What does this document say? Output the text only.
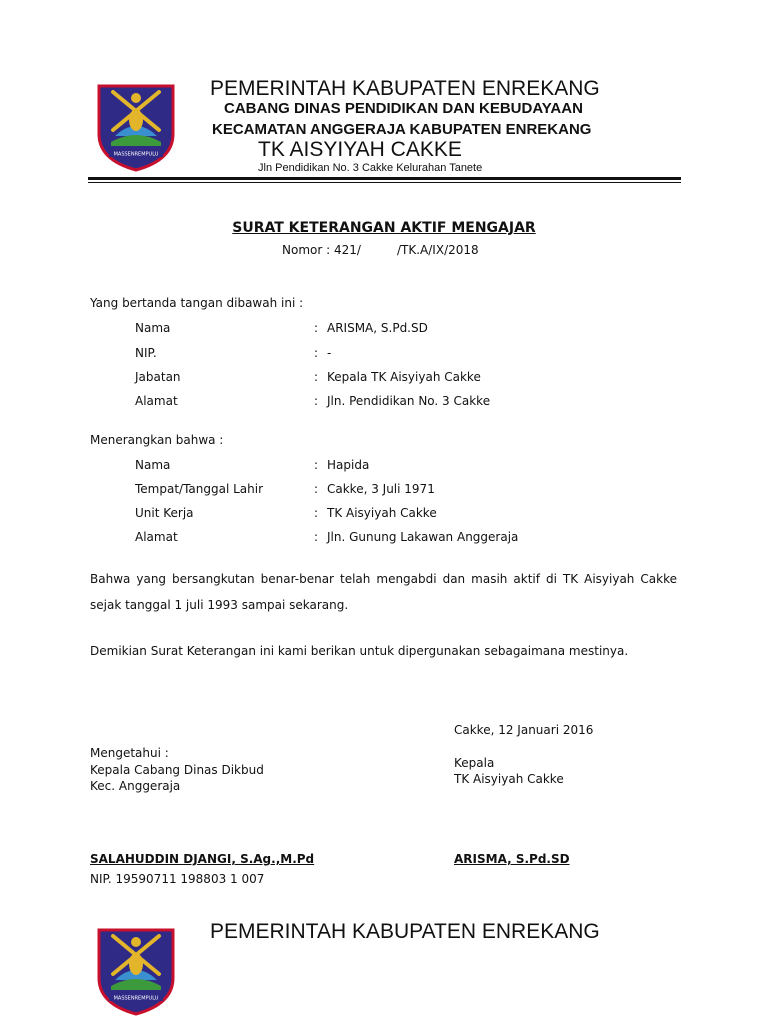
MASSENREMPULU
PEMERINTAH KABUPATEN ENREKANG
CABANG DINAS PENDIDIKAN DAN KEBUDAYAAN
KECAMATAN ANGGERAJA KABUPATEN ENREKANG
TK AISYIYAH CAKKE
Jln Pendidikan No. 3 Cakke Kelurahan Tanete
SURAT KETERANGAN AKTIF MENGAJAR
Nomor : 421/	/TK.A/IX/2018
Yang bertanda tangan dibawah ini :
Nama	: ARISMA, S.Pd.SD
NIP.	: -
Jabatan	: Kepala TK Aisyiyah Cakke
Alamat	: Jln. Pendidikan No. 3 Cakke
Menerangkan bahwa :
Nama	: Hapida
Tempat/Tanggal Lahir	: Cakke, 3 Juli 1971
Unit Kerja	: TK Aisyiyah Cakke
Alamat	: Jln. Gunung Lakawan Anggeraja
Bahwa yang bersangkutan benar-benar telah mengabdi dan masih aktif di TK Aisyiyah Cakke sejak tanggal 1 juli 1993 sampai sekarang.
Demikian Surat Keterangan ini kami berikan untuk dipergunakan sebagaimana mestinya.
Cakke, 12 Januari 2016
Mengetahui :
Kepala Cabang Dinas Dikbud
Kec. Anggeraja
Kepala
TK Aisyiyah Cakke
SALAHUDDIN DJANGI, S.Ag.,M.Pd
NIP. 19590711 198803 1 007
ARISMA, S.Pd.SD
MASSENREMPULU
PEMERINTAH KABUPATEN ENREKANG
